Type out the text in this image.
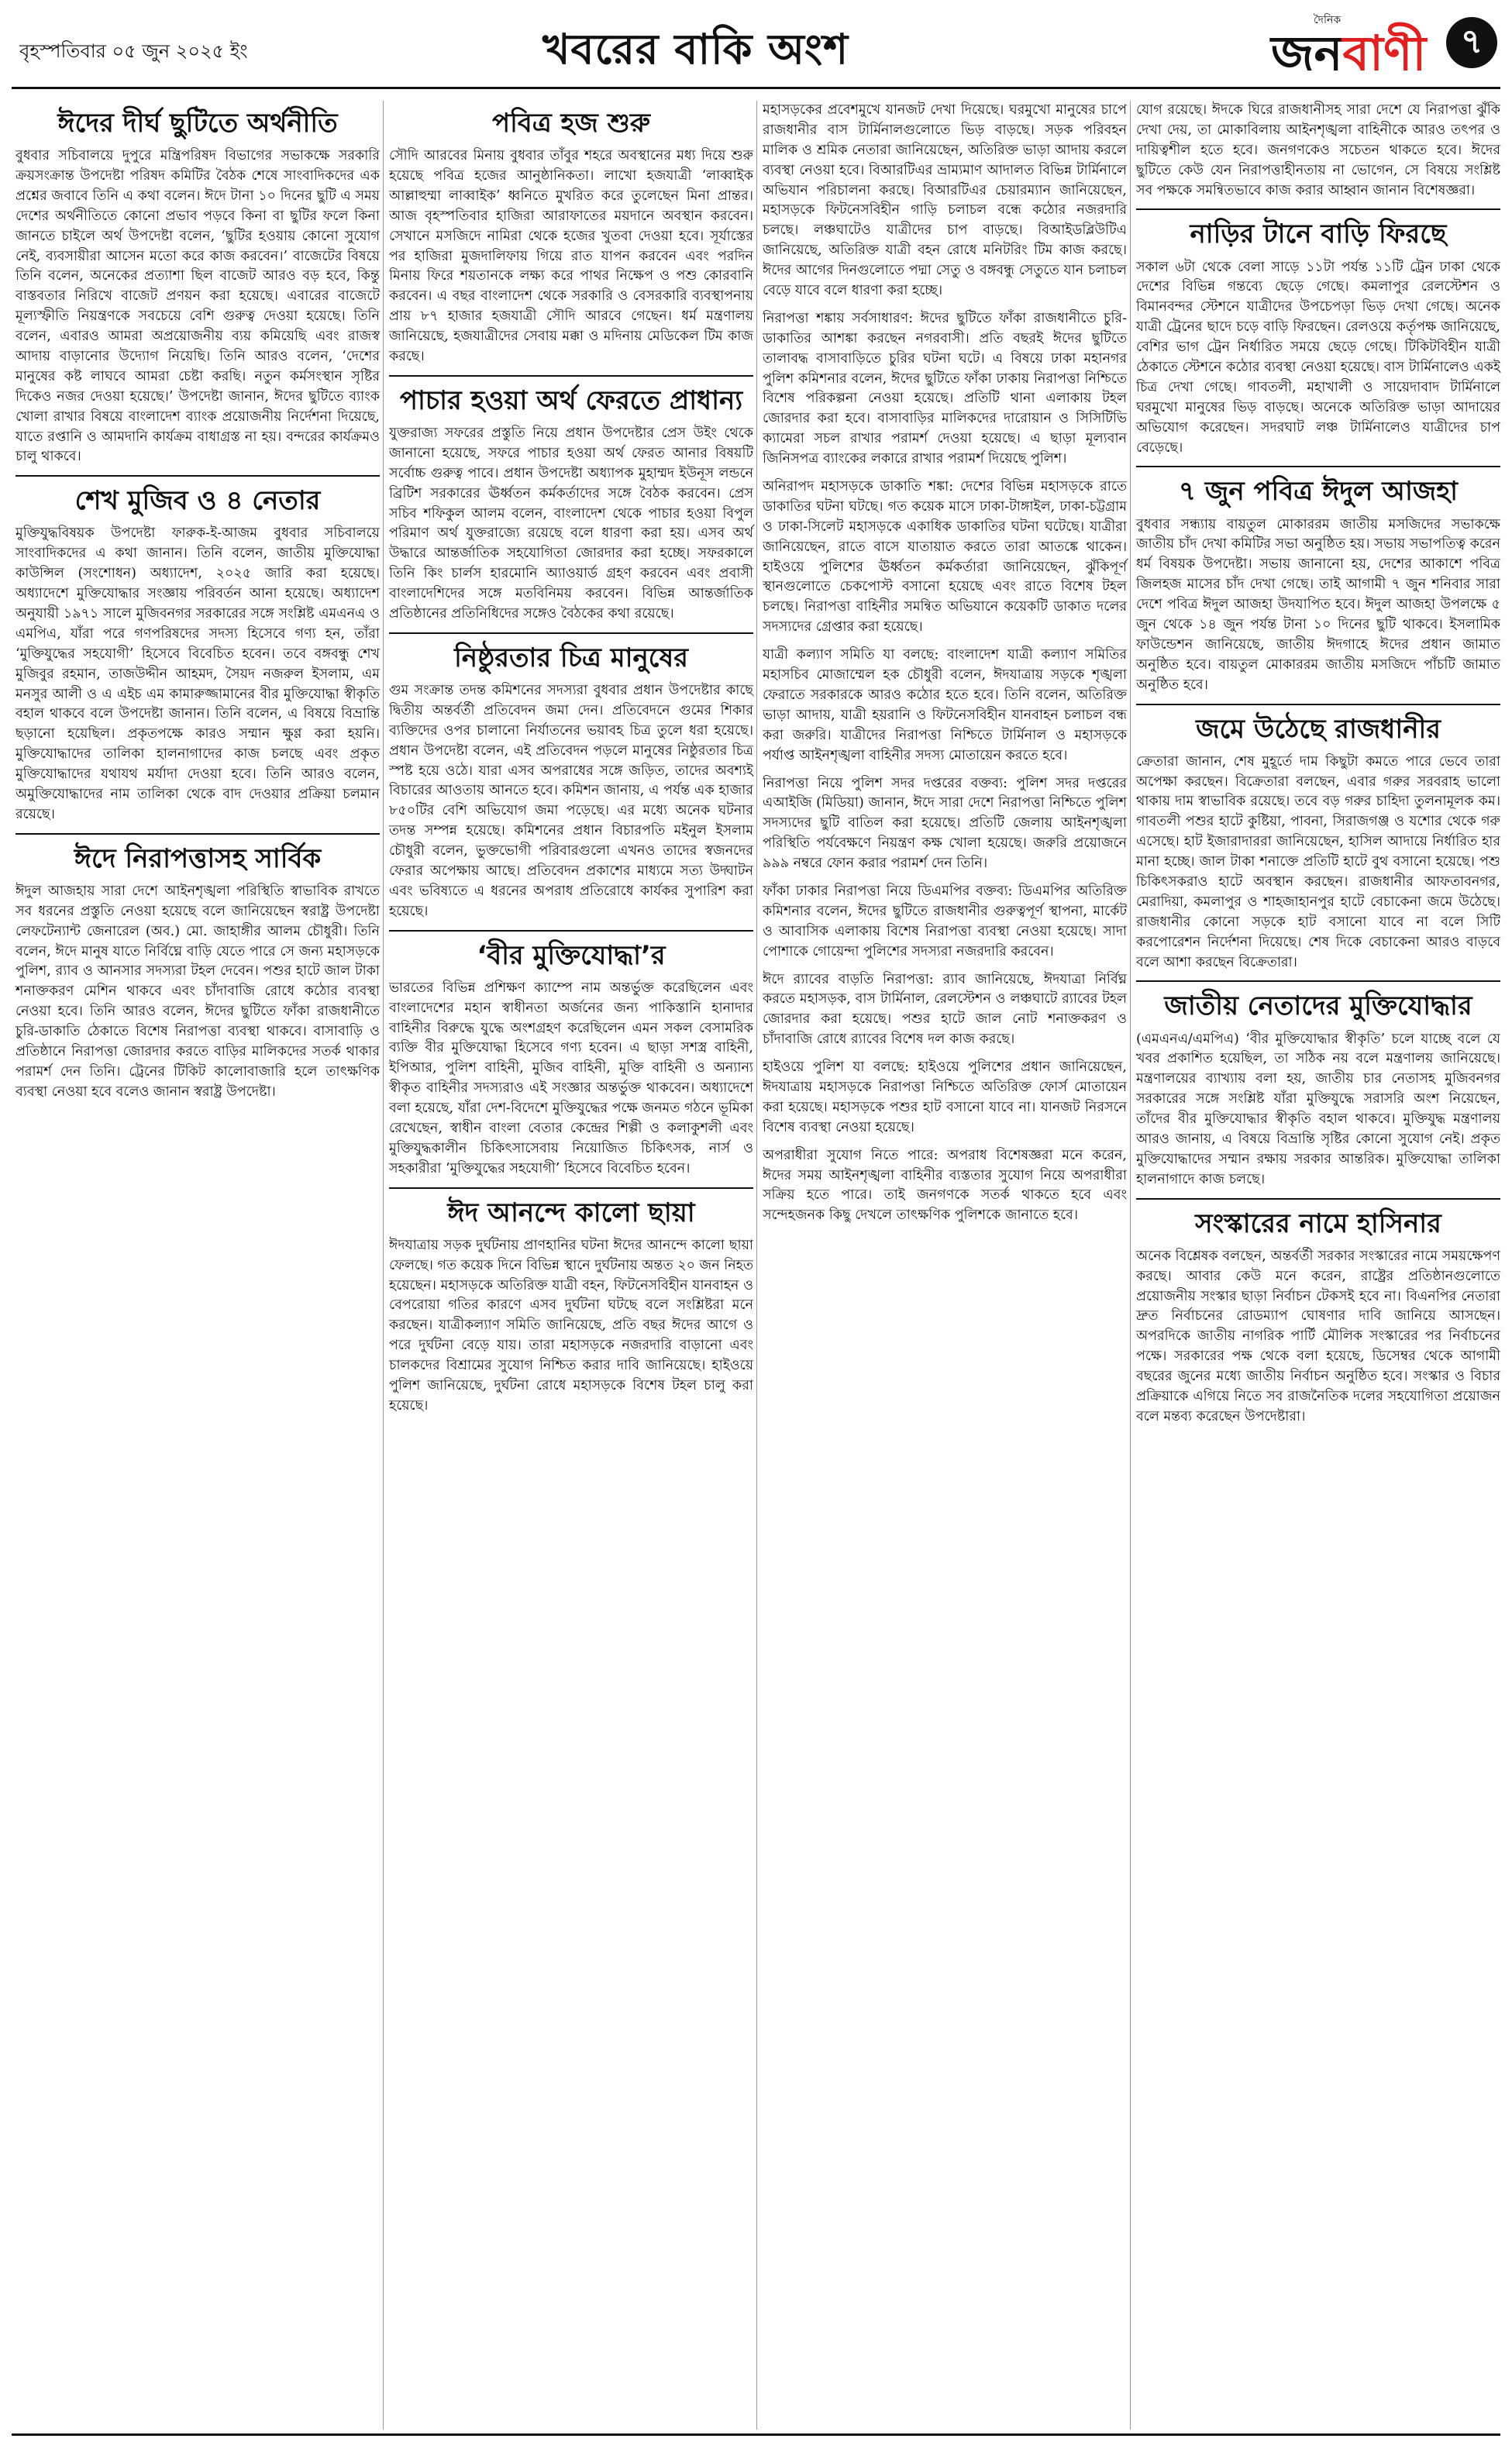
বৃহস্পতিবার ০৫ জুন ২০২৫ ইং	খবরের বাকি অংশ
দৈনিক
জনবাণী	৭
ঈদের দীর্ঘ ছুটিতে অর্থনীতি

বুধবার সচিবালয়ে দুপুরে মন্ত্রিপরিষদ বিভাগের সভাকক্ষে সরকারি ক্রয়সংক্রান্ত উপদেষ্টা পরিষদ কমিটির বৈঠক শেষে সাংবাদিকদের এক প্রশ্নের জবাবে তিনি এ কথা বলেন। ঈদে টানা ১০ দিনের ছুটি এ সময় দেশের অর্থনীতিতে কোনো প্রভাব পড়বে কিনা বা ছুটির ফলে কিনা জানতে চাইলে অর্থ উপদেষ্টা বলেন, ‘ছুটির হওয়ায় কোনো সুযোগ নেই, ব্যবসায়ীরা আসেন মতো করে কাজ করবেন।’ বাজেটের বিষয়ে তিনি বলেন, অনেকের প্রত্যাশা ছিল বাজেট আরও বড় হবে, কিন্তু বাস্তবতার নিরিখে বাজেট প্রণয়ন করা হয়েছে। এবারের বাজেটে মূল্যস্ফীতি নিয়ন্ত্রণকে সবচেয়ে বেশি গুরুত্ব দেওয়া হয়েছে। তিনি বলেন, এবারও আমরা অপ্রয়োজনীয় ব্যয় কমিয়েছি এবং রাজস্ব আদায় বাড়ানোর উদ্যোগ নিয়েছি। তিনি আরও বলেন, ‘দেশের মানুষের কষ্ট লাঘবে আমরা চেষ্টা করছি। নতুন কর্মসংস্থান সৃষ্টির দিকেও নজর দেওয়া হয়েছে।’ উপদেষ্টা জানান, ঈদের ছুটিতে ব্যাংক খোলা রাখার বিষয়ে বাংলাদেশ ব্যাংক প্রয়োজনীয় নির্দেশনা দিয়েছে, যাতে রপ্তানি ও আমদানি কার্যক্রম বাধাগ্রস্ত না হয়। বন্দরের কার্যক্রমও চালু থাকবে।

শেখ মুজিব ও ৪ নেতার

মুক্তিযুদ্ধবিষয়ক উপদেষ্টা ফারুক-ই-আজম বুধবার সচিবালয়ে সাংবাদিকদের এ কথা জানান। তিনি বলেন, জাতীয় মুক্তিযোদ্ধা কাউন্সিল (সংশোধন) অধ্যাদেশ, ২০২৫ জারি করা হয়েছে। অধ্যাদেশে মুক্তিযোদ্ধার সংজ্ঞায় পরিবর্তন আনা হয়েছে। অধ্যাদেশ অনুযায়ী ১৯৭১ সালে মুজিবনগর সরকারের সঙ্গে সংশ্লিষ্ট এমএনএ ও এমপিএ, যাঁরা পরে গণপরিষদের সদস্য হিসেবে গণ্য হন, তাঁরা ‘মুক্তিযুদ্ধের সহযোগী’ হিসেবে বিবেচিত হবেন। তবে বঙ্গবন্ধু শেখ মুজিবুর রহমান, তাজউদ্দীন আহমদ, সৈয়দ নজরুল ইসলাম, এম মনসুর আলী ও এ এইচ এম কামারুজ্জামানের বীর মুক্তিযোদ্ধা স্বীকৃতি বহাল থাকবে বলে উপদেষ্টা জানান। তিনি বলেন, এ বিষয়ে বিভ্রান্তি ছড়ানো হয়েছিল। প্রকৃতপক্ষে কারও সম্মান ক্ষুণ্ণ করা হয়নি। মুক্তিযোদ্ধাদের তালিকা হালনাগাদের কাজ চলছে এবং প্রকৃত মুক্তিযোদ্ধাদের যথাযথ মর্যাদা দেওয়া হবে। তিনি আরও বলেন, অমুক্তিযোদ্ধাদের নাম তালিকা থেকে বাদ দেওয়ার প্রক্রিয়া চলমান রয়েছে।

ঈদে নিরাপত্তাসহ সার্বিক

ঈদুল আজহায় সারা দেশে আইনশৃঙ্খলা পরিস্থিতি স্বাভাবিক রাখতে সব ধরনের প্রস্তুতি নেওয়া হয়েছে বলে জানিয়েছেন স্বরাষ্ট্র উপদেষ্টা লেফটেন্যান্ট জেনারেল (অব.) মো. জাহাঙ্গীর আলম চৌধুরী। তিনি বলেন, ঈদে মানুষ যাতে নির্বিঘ্নে বাড়ি যেতে পারে সে জন্য মহাসড়কে পুলিশ, র‌্যাব ও আনসার সদস্যরা টহল দেবেন। পশুর হাটে জাল টাকা শনাক্তকরণ মেশিন থাকবে এবং চাঁদাবাজি রোধে কঠোর ব্যবস্থা নেওয়া হবে। তিনি আরও বলেন, ঈদের ছুটিতে ফাঁকা রাজধানীতে চুরি-ডাকাতি ঠেকাতে বিশেষ নিরাপত্তা ব্যবস্থা থাকবে। বাসাবাড়ি ও প্রতিষ্ঠানে নিরাপত্তা জোরদার করতে বাড়ির মালিকদের সতর্ক থাকার পরামর্শ দেন তিনি। ট্রেনের টিকিট কালোবাজারি হলে তাৎক্ষণিক ব্যবস্থা নেওয়া হবে বলেও জানান স্বরাষ্ট্র উপদেষ্টা।

পবিত্র হজ শুরু

সৌদি আরবের মিনায় বুধবার তাঁবুর শহরে অবস্থানের মধ্য দিয়ে শুরু হয়েছে পবিত্র হজের আনুষ্ঠানিকতা। লাখো হজযাত্রী ‘লাব্বাইক আল্লাহুম্মা লাব্বাইক’ ধ্বনিতে মুখরিত করে তুলেছেন মিনা প্রান্তর। আজ বৃহস্পতিবার হাজিরা আরাফাতের ময়দানে অবস্থান করবেন। সেখানে মসজিদে নামিরা থেকে হজের খুতবা দেওয়া হবে। সূর্যাস্তের পর হাজিরা মুজদালিফায় গিয়ে রাত যাপন করবেন এবং পরদিন মিনায় ফিরে শয়তানকে লক্ষ্য করে পাথর নিক্ষেপ ও পশু কোরবানি করবেন। এ বছর বাংলাদেশ থেকে সরকারি ও বেসরকারি ব্যবস্থাপনায় প্রায় ৮৭ হাজার হজযাত্রী সৌদি আরবে গেছেন। ধর্ম মন্ত্রণালয় জানিয়েছে, হজযাত্রীদের সেবায় মক্কা ও মদিনায় মেডিকেল টিম কাজ করছে।

পাচার হওয়া অর্থ ফেরতে প্রাধান্য

যুক্তরাজ্য সফরের প্রস্তুতি নিয়ে প্রধান উপদেষ্টার প্রেস উইং থেকে জানানো হয়েছে, সফরে পাচার হওয়া অর্থ ফেরত আনার বিষয়টি সর্বোচ্চ গুরুত্ব পাবে। প্রধান উপদেষ্টা অধ্যাপক মুহাম্মদ ইউনূস লন্ডনে ব্রিটিশ সরকারের ঊর্ধ্বতন কর্মকর্তাদের সঙ্গে বৈঠক করবেন। প্রেস সচিব শফিকুল আলম বলেন, বাংলাদেশ থেকে পাচার হওয়া বিপুল পরিমাণ অর্থ যুক্তরাজ্যে রয়েছে বলে ধারণা করা হয়। এসব অর্থ উদ্ধারে আন্তর্জাতিক সহযোগিতা জোরদার করা হচ্ছে। সফরকালে তিনি কিং চার্লস হারমোনি অ্যাওয়ার্ড গ্রহণ করবেন এবং প্রবাসী বাংলাদেশিদের সঙ্গে মতবিনিময় করবেন। বিভিন্ন আন্তর্জাতিক প্রতিষ্ঠানের প্রতিনিধিদের সঙ্গেও বৈঠকের কথা রয়েছে।

নিষ্ঠুরতার চিত্র মানুষের

গুম সংক্রান্ত তদন্ত কমিশনের সদস্যরা বুধবার প্রধান উপদেষ্টার কাছে দ্বিতীয় অন্তর্বর্তী প্রতিবেদন জমা দেন। প্রতিবেদনে গুমের শিকার ব্যক্তিদের ওপর চালানো নির্যাতনের ভয়াবহ চিত্র তুলে ধরা হয়েছে। প্রধান উপদেষ্টা বলেন, এই প্রতিবেদন পড়লে মানুষের নিষ্ঠুরতার চিত্র স্পষ্ট হয়ে ওঠে। যারা এসব অপরাধের সঙ্গে জড়িত, তাদের অবশ্যই বিচারের আওতায় আনতে হবে। কমিশন জানায়, এ পর্যন্ত এক হাজার ৮৫০টির বেশি অভিযোগ জমা পড়েছে। এর মধ্যে অনেক ঘটনার তদন্ত সম্পন্ন হয়েছে। কমিশনের প্রধান বিচারপতি মইনুল ইসলাম চৌধুরী বলেন, ভুক্তভোগী পরিবারগুলো এখনও তাদের স্বজনদের ফেরার অপেক্ষায় আছে। প্রতিবেদন প্রকাশের মাধ্যমে সত্য উদ্ঘাটন এবং ভবিষ্যতে এ ধরনের অপরাধ প্রতিরোধে কার্যকর সুপারিশ করা হয়েছে।

‘বীর মুক্তিযোদ্ধা’র

ভারতের বিভিন্ন প্রশিক্ষণ ক্যাম্পে নাম অন্তর্ভুক্ত করেছিলেন এবং বাংলাদেশের মহান স্বাধীনতা অর্জনের জন্য পাকিস্তানি হানাদার বাহিনীর বিরুদ্ধে যুদ্ধে অংশগ্রহণ করেছিলেন এমন সকল বেসামরিক ব্যক্তি বীর মুক্তিযোদ্ধা হিসেবে গণ্য হবেন। এ ছাড়া সশস্ত্র বাহিনী, ইপিআর, পুলিশ বাহিনী, মুজিব বাহিনী, মুক্তি বাহিনী ও অন্যান্য স্বীকৃত বাহিনীর সদস্যরাও এই সংজ্ঞার অন্তর্ভুক্ত থাকবেন। অধ্যাদেশে বলা হয়েছে, যাঁরা দেশ-বিদেশে মুক্তিযুদ্ধের পক্ষে জনমত গঠনে ভূমিকা রেখেছেন, স্বাধীন বাংলা বেতার কেন্দ্রের শিল্পী ও কলাকুশলী এবং মুক্তিযুদ্ধকালীন চিকিৎসাসেবায় নিয়োজিত চিকিৎসক, নার্স ও সহকারীরা ‘মুক্তিযুদ্ধের সহযোগী’ হিসেবে বিবেচিত হবেন।

ঈদ আনন্দে কালো ছায়া

ঈদযাত্রায় সড়ক দুর্ঘটনায় প্রাণহানির ঘটনা ঈদের আনন্দে কালো ছায়া ফেলছে। গত কয়েক দিনে বিভিন্ন স্থানে দুর্ঘটনায় অন্তত ২০ জন নিহত হয়েছেন। মহাসড়কে অতিরিক্ত যাত্রী বহন, ফিটনেসবিহীন যানবাহন ও বেপরোয়া গতির কারণে এসব দুর্ঘটনা ঘটছে বলে সংশ্লিষ্টরা মনে করছেন। যাত্রীকল্যাণ সমিতি জানিয়েছে, প্রতি বছর ঈদের আগে ও পরে দুর্ঘটনা বেড়ে যায়। তারা মহাসড়কে নজরদারি বাড়ানো এবং চালকদের বিশ্রামের সুযোগ নিশ্চিত করার দাবি জানিয়েছে। হাইওয়ে পুলিশ জানিয়েছে, দুর্ঘটনা রোধে মহাসড়কে বিশেষ টহল চালু করা হয়েছে।

মহাসড়কের প্রবেশমুখে যানজট দেখা দিয়েছে। ঘরমুখো মানুষের চাপে রাজধানীর বাস টার্মিনালগুলোতে ভিড় বাড়ছে। সড়ক পরিবহন মালিক ও শ্রমিক নেতারা জানিয়েছেন, অতিরিক্ত ভাড়া আদায় করলে ব্যবস্থা নেওয়া হবে। বিআরটিএর ভ্রাম্যমাণ আদালত বিভিন্ন টার্মিনালে অভিযান পরিচালনা করছে। বিআরটিএর চেয়ারম্যান জানিয়েছেন, মহাসড়কে ফিটনেসবিহীন গাড়ি চলাচল বন্ধে কঠোর নজরদারি চলছে। লঞ্চঘাটেও যাত্রীদের চাপ বাড়ছে। বিআইডব্লিউটিএ জানিয়েছে, অতিরিক্ত যাত্রী বহন রোধে মনিটরিং টিম কাজ করছে। ঈদের আগের দিনগুলোতে পদ্মা সেতু ও বঙ্গবন্ধু সেতুতে যান চলাচল বেড়ে যাবে বলে ধারণা করা হচ্ছে।

নিরাপত্তা শঙ্কায় সর্বসাধারণ: ঈদের ছুটিতে ফাঁকা রাজধানীতে চুরি-ডাকাতির আশঙ্কা করছেন নগরবাসী। প্রতি বছরই ঈদের ছুটিতে তালাবদ্ধ বাসাবাড়িতে চুরির ঘটনা ঘটে। এ বিষয়ে ঢাকা মহানগর পুলিশ কমিশনার বলেন, ঈদের ছুটিতে ফাঁকা ঢাকায় নিরাপত্তা নিশ্চিতে বিশেষ পরিকল্পনা নেওয়া হয়েছে। প্রতিটি থানা এলাকায় টহল জোরদার করা হবে। বাসাবাড়ির মালিকদের দারোয়ান ও সিসিটিভি ক্যামেরা সচল রাখার পরামর্শ দেওয়া হয়েছে। এ ছাড়া মূল্যবান জিনিসপত্র ব্যাংকের লকারে রাখার পরামর্শ দিয়েছে পুলিশ।

অনিরাপদ মহাসড়কে ডাকাতি শঙ্কা: দেশের বিভিন্ন মহাসড়কে রাতে ডাকাতির ঘটনা ঘটছে। গত কয়েক মাসে ঢাকা-টাঙ্গাইল, ঢাকা-চট্টগ্রাম ও ঢাকা-সিলেট মহাসড়কে একাধিক ডাকাতির ঘটনা ঘটেছে। যাত্রীরা জানিয়েছেন, রাতে বাসে যাতায়াত করতে তারা আতঙ্কে থাকেন। হাইওয়ে পুলিশের ঊর্ধ্বতন কর্মকর্তারা জানিয়েছেন, ঝুঁকিপূর্ণ স্থানগুলোতে চেকপোস্ট বসানো হয়েছে এবং রাতে বিশেষ টহল চলছে। নিরাপত্তা বাহিনীর সমন্বিত অভিযানে কয়েকটি ডাকাত দলের সদস্যদের গ্রেপ্তার করা হয়েছে।

যাত্রী কল্যাণ সমিতি যা বলছে: বাংলাদেশ যাত্রী কল্যাণ সমিতির মহাসচিব মোজাম্মেল হক চৌধুরী বলেন, ঈদযাত্রায় সড়কে শৃঙ্খলা ফেরাতে সরকারকে আরও কঠোর হতে হবে। তিনি বলেন, অতিরিক্ত ভাড়া আদায়, যাত্রী হয়রানি ও ফিটনেসবিহীন যানবাহন চলাচল বন্ধ করা জরুরি। যাত্রীদের নিরাপত্তা নিশ্চিতে টার্মিনাল ও মহাসড়কে পর্যাপ্ত আইনশৃঙ্খলা বাহিনীর সদস্য মোতায়েন করতে হবে।

নিরাপত্তা নিয়ে পুলিশ সদর দপ্তরের বক্তব্য: পুলিশ সদর দপ্তরের এআইজি (মিডিয়া) জানান, ঈদে সারা দেশে নিরাপত্তা নিশ্চিতে পুলিশ সদস্যদের ছুটি বাতিল করা হয়েছে। প্রতিটি জেলায় আইনশৃঙ্খলা পরিস্থিতি পর্যবেক্ষণে নিয়ন্ত্রণ কক্ষ খোলা হয়েছে। জরুরি প্রয়োজনে ৯৯৯ নম্বরে ফোন করার পরামর্শ দেন তিনি।

ফাঁকা ঢাকার নিরাপত্তা নিয়ে ডিএমপির বক্তব্য: ডিএমপির অতিরিক্ত কমিশনার বলেন, ঈদের ছুটিতে রাজধানীর গুরুত্বপূর্ণ স্থাপনা, মার্কেট ও আবাসিক এলাকায় বিশেষ নিরাপত্তা ব্যবস্থা নেওয়া হয়েছে। সাদা পোশাকে গোয়েন্দা পুলিশের সদস্যরা নজরদারি করবেন।

ঈদে র‌্যাবের বাড়তি নিরাপত্তা: র‌্যাব জানিয়েছে, ঈদযাত্রা নির্বিঘ্ন করতে মহাসড়ক, বাস টার্মিনাল, রেলস্টেশন ও লঞ্চঘাটে র‌্যাবের টহল জোরদার করা হয়েছে। পশুর হাটে জাল নোট শনাক্তকরণ ও চাঁদাবাজি রোধে র‌্যাবের বিশেষ দল কাজ করছে।

হাইওয়ে পুলিশ যা বলছে: হাইওয়ে পুলিশের প্রধান জানিয়েছেন, ঈদযাত্রায় মহাসড়কে নিরাপত্তা নিশ্চিতে অতিরিক্ত ফোর্স মোতায়েন করা হয়েছে। মহাসড়কে পশুর হাট বসানো যাবে না। যানজট নিরসনে বিশেষ ব্যবস্থা নেওয়া হয়েছে।

অপরাধীরা সুযোগ নিতে পারে: অপরাধ বিশেষজ্ঞরা মনে করেন, ঈদের সময় আইনশৃঙ্খলা বাহিনীর ব্যস্ততার সুযোগ নিয়ে অপরাধীরা সক্রিয় হতে পারে। তাই জনগণকে সতর্ক থাকতে হবে এবং সন্দেহজনক কিছু দেখলে তাৎক্ষণিক পুলিশকে জানাতে হবে।

যোগ রয়েছে। ঈদকে ঘিরে রাজধানীসহ সারা দেশে যে নিরাপত্তা ঝুঁকি দেখা দেয়, তা মোকাবিলায় আইনশৃঙ্খলা বাহিনীকে আরও তৎপর ও দায়িত্বশীল হতে হবে। জনগণকেও সচেতন থাকতে হবে। ঈদের ছুটিতে কেউ যেন নিরাপত্তাহীনতায় না ভোগেন, সে বিষয়ে সংশ্লিষ্ট সব পক্ষকে সমন্বিতভাবে কাজ করার আহ্বান জানান বিশেষজ্ঞরা।

নাড়ির টানে বাড়ি ফিরছে

সকাল ৬টা থেকে বেলা সাড়ে ১১টা পর্যন্ত ১১টি ট্রেন ঢাকা থেকে দেশের বিভিন্ন গন্তব্যে ছেড়ে গেছে। কমলাপুর রেলস্টেশন ও বিমানবন্দর স্টেশনে যাত্রীদের উপচেপড়া ভিড় দেখা গেছে। অনেক যাত্রী ট্রেনের ছাদে চড়ে বাড়ি ফিরছেন। রেলওয়ে কর্তৃপক্ষ জানিয়েছে, বেশির ভাগ ট্রেন নির্ধারিত সময়ে ছেড়ে গেছে। টিকিটবিহীন যাত্রী ঠেকাতে স্টেশনে কঠোর ব্যবস্থা নেওয়া হয়েছে। বাস টার্মিনালেও একই চিত্র দেখা গেছে। গাবতলী, মহাখালী ও সায়েদাবাদ টার্মিনালে ঘরমুখো মানুষের ভিড় বাড়ছে। অনেকে অতিরিক্ত ভাড়া আদায়ের অভিযোগ করেছেন। সদরঘাট লঞ্চ টার্মিনালেও যাত্রীদের চাপ বেড়েছে।

৭ জুন পবিত্র ঈদুল আজহা

বুধবার সন্ধ্যায় বায়তুল মোকাররম জাতীয় মসজিদের সভাকক্ষে জাতীয় চাঁদ দেখা কমিটির সভা অনুষ্ঠিত হয়। সভায় সভাপতিত্ব করেন ধর্ম বিষয়ক উপদেষ্টা। সভায় জানানো হয়, দেশের আকাশে পবিত্র জিলহজ মাসের চাঁদ দেখা গেছে। তাই আগামী ৭ জুন শনিবার সারা দেশে পবিত্র ঈদুল আজহা উদযাপিত হবে। ঈদুল আজহা উপলক্ষে ৫ জুন থেকে ১৪ জুন পর্যন্ত টানা ১০ দিনের ছুটি থাকবে। ইসলামিক ফাউন্ডেশন জানিয়েছে, জাতীয় ঈদগাহে ঈদের প্রধান জামাত অনুষ্ঠিত হবে। বায়তুল মোকাররম জাতীয় মসজিদে পাঁচটি জামাত অনুষ্ঠিত হবে।

জমে উঠেছে রাজধানীর

ক্রেতারা জানান, শেষ মুহূর্তে দাম কিছুটা কমতে পারে ভেবে তারা অপেক্ষা করছেন। বিক্রেতারা বলছেন, এবার গরুর সরবরাহ ভালো থাকায় দাম স্বাভাবিক রয়েছে। তবে বড় গরুর চাহিদা তুলনামূলক কম। গাবতলী পশুর হাটে কুষ্টিয়া, পাবনা, সিরাজগঞ্জ ও যশোর থেকে গরু এসেছে। হাট ইজারাদাররা জানিয়েছেন, হাসিল আদায়ে নির্ধারিত হার মানা হচ্ছে। জাল টাকা শনাক্তে প্রতিটি হাটে বুথ বসানো হয়েছে। পশু চিকিৎসকরাও হাটে অবস্থান করছেন। রাজধানীর আফতাবনগর, মেরাদিয়া, কমলাপুর ও শাহজাহানপুর হাটে বেচাকেনা জমে উঠেছে। রাজধানীর কোনো সড়কে হাট বসানো যাবে না বলে সিটি করপোরেশন নির্দেশনা দিয়েছে। শেষ দিকে বেচাকেনা আরও বাড়বে বলে আশা করছেন বিক্রেতারা।

জাতীয় নেতাদের মুক্তিযোদ্ধার

(এমএনএ/এমপিএ) ‘বীর মুক্তিযোদ্ধার স্বীকৃতি’ চলে যাচ্ছে বলে যে খবর প্রকাশিত হয়েছিল, তা সঠিক নয় বলে মন্ত্রণালয় জানিয়েছে। মন্ত্রণালয়ের ব্যাখ্যায় বলা হয়, জাতীয় চার নেতাসহ মুজিবনগর সরকারের সঙ্গে সংশ্লিষ্ট যাঁরা মুক্তিযুদ্ধে সরাসরি অংশ নিয়েছেন, তাঁদের বীর মুক্তিযোদ্ধার স্বীকৃতি বহাল থাকবে। মুক্তিযুদ্ধ মন্ত্রণালয় আরও জানায়, এ বিষয়ে বিভ্রান্তি সৃষ্টির কোনো সুযোগ নেই। প্রকৃত মুক্তিযোদ্ধাদের সম্মান রক্ষায় সরকার আন্তরিক। মুক্তিযোদ্ধা তালিকা হালনাগাদে কাজ চলছে।

সংস্কারের নামে হাসিনার

অনেক বিশ্লেষক বলছেন, অন্তর্বর্তী সরকার সংস্কারের নামে সময়ক্ষেপণ করছে। আবার কেউ মনে করেন, রাষ্ট্রের প্রতিষ্ঠানগুলোতে প্রয়োজনীয় সংস্কার ছাড়া নির্বাচন টেকসই হবে না। বিএনপির নেতারা দ্রুত নির্বাচনের রোডম্যাপ ঘোষণার দাবি জানিয়ে আসছেন। অপরদিকে জাতীয় নাগরিক পার্টি মৌলিক সংস্কারের পর নির্বাচনের পক্ষে। সরকারের পক্ষ থেকে বলা হয়েছে, ডিসেম্বর থেকে আগামী বছরের জুনের মধ্যে জাতীয় নির্বাচন অনুষ্ঠিত হবে। সংস্কার ও বিচার প্রক্রিয়াকে এগিয়ে নিতে সব রাজনৈতিক দলের সহযোগিতা প্রয়োজন বলে মন্তব্য করেছেন উপদেষ্টারা।
